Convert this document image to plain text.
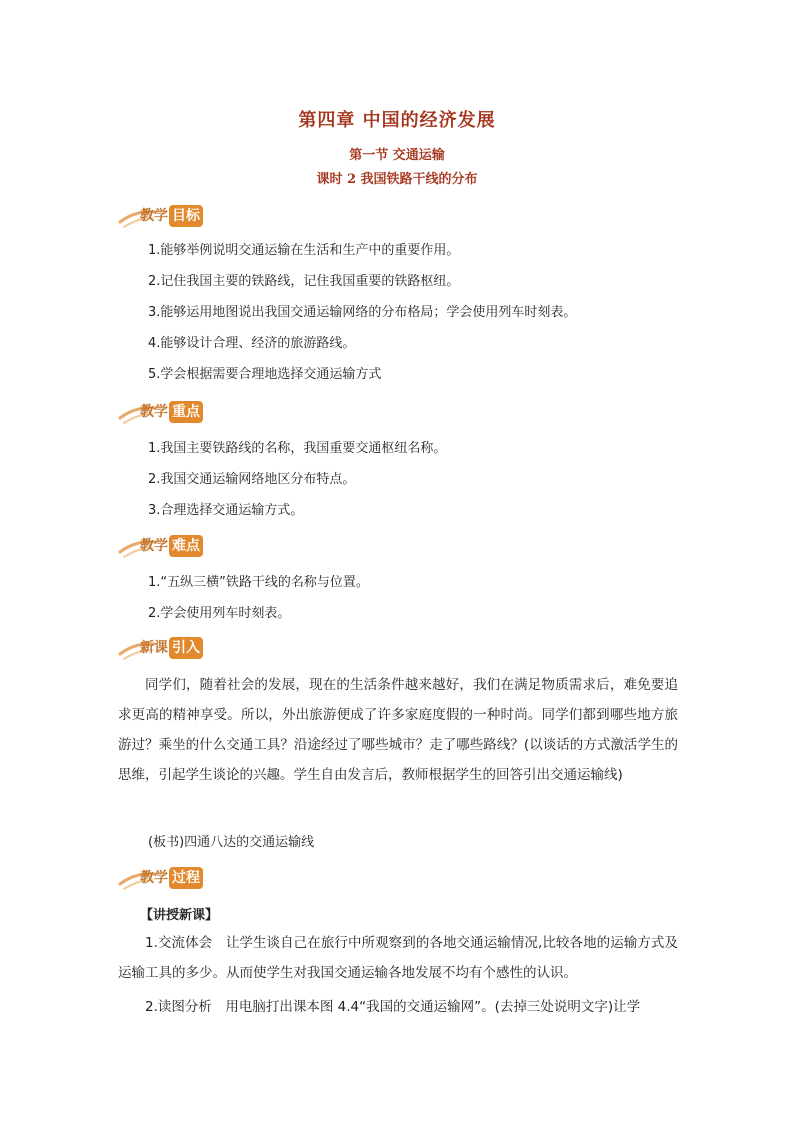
第四章 中国的经济发展
第一节 交通运输
课时 2 我国铁路干线的分布
教学 目标
1.能够举例说明交通运输在生活和生产中的重要作用。
2.记住我国主要的铁路线，记住我国重要的铁路枢纽。
3.能够运用地图说出我国交通运输网络的分布格局；学会使用列车时刻表。
4.能够设计合理、经济的旅游路线。
5.学会根据需要合理地选择交通运输方式
教学 重点
1.我国主要铁路线的名称，我国重要交通枢纽名称。
2.我国交通运输网络地区分布特点。
3.合理选择交通运输方式。
教学 难点
1.“五纵三横”铁路干线的名称与位置。
2.学会使用列车时刻表。
新课 引入
同学们，随着社会的发展，现在的生活条件越来越好，我们在满足物质需求后，难免要追求更高的精神享受。所以，外出旅游便成了许多家庭度假的一种时尚。同学们都到哪些地方旅游过？乘坐的什么交通工具？沿途经过了哪些城市？走了哪些路线？(以谈话的方式激活学生的思维，引起学生谈论的兴趣。学生自由发言后，教师根据学生的回答引出交通运输线)
(板书)四通八达的交通运输线
教学 过程
【讲授新课】
1.交流体会　让学生谈自己在旅行中所观察到的各地交通运输情况,比较各地的运输方式及运输工具的多少。从而使学生对我国交通运输各地发展不均有个感性的认识。
2.读图分析　用电脑打出课本图 4.4“我国的交通运输网”。(去掉三处说明文字)让学
